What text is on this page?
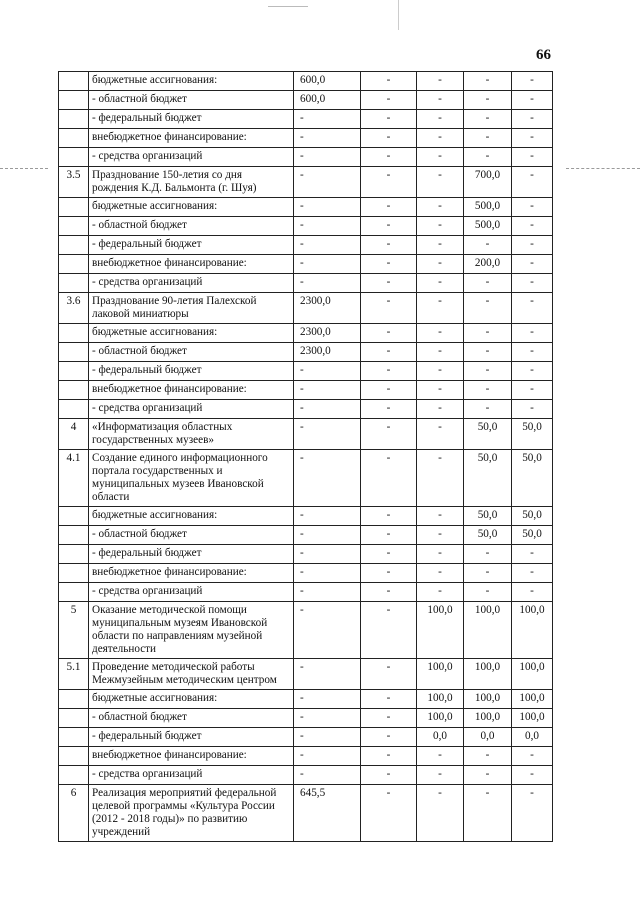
66
	бюджетные ассигнования:	600,0	-	-	-	-
	- областной бюджет	600,0	-	-	-	-
	- федеральный бюджет	-	-	-	-	-
	внебюджетное финансирование:	-	-	-	-	-
	- средства организаций	-	-	-	-	-
3.5	Празднование 150-летия со дня рождения К.Д. Бальмонта (г. Шуя)	-	-	-	700,0	-
	бюджетные ассигнования:	-	-	-	500,0	-
	- областной бюджет	-	-	-	500,0	-
	- федеральный бюджет	-	-	-	-	-
	внебюджетное финансирование:	-	-	-	200,0	-
	- средства организаций	-	-	-	-	-
3.6	Празднование 90-летия Палехской лаковой миниатюры	2300,0	-	-	-	-
	бюджетные ассигнования:	2300,0	-	-	-	-
	- областной бюджет	2300,0	-	-	-	-
	- федеральный бюджет	-	-	-	-	-
	внебюджетное финансирование:	-	-	-	-	-
	- средства организаций	-	-	-	-	-
4	«Информатизация областных государственных музеев»	-	-	-	50,0	50,0
4.1	Создание единого информационного портала государственных и муниципальных музеев Ивановской области	-	-	-	50,0	50,0
	бюджетные ассигнования:	-	-	-	50,0	50,0
	- областной бюджет	-	-	-	50,0	50,0
	- федеральный бюджет	-	-	-	-	-
	внебюджетное финансирование:	-	-	-	-	-
	- средства организаций	-	-	-	-	-
5	Оказание методической помощи муниципальным музеям Ивановской области по направлениям музейной деятельности	-	-	100,0	100,0	100,0
5.1	Проведение методической работы Межмузейным методическим центром	-	-	100,0	100,0	100,0
	бюджетные ассигнования:	-	-	100,0	100,0	100,0
	- областной бюджет	-	-	100,0	100,0	100,0
	- федеральный бюджет	-	-	0,0	0,0	0,0
	внебюджетное финансирование:	-	-	-	-	-
	- средства организаций	-	-	-	-	-
6	Реализация мероприятий федеральной целевой программы «Культура России (2012 - 2018 годы)» по развитию учреждений	645,5	-	-	-	-
